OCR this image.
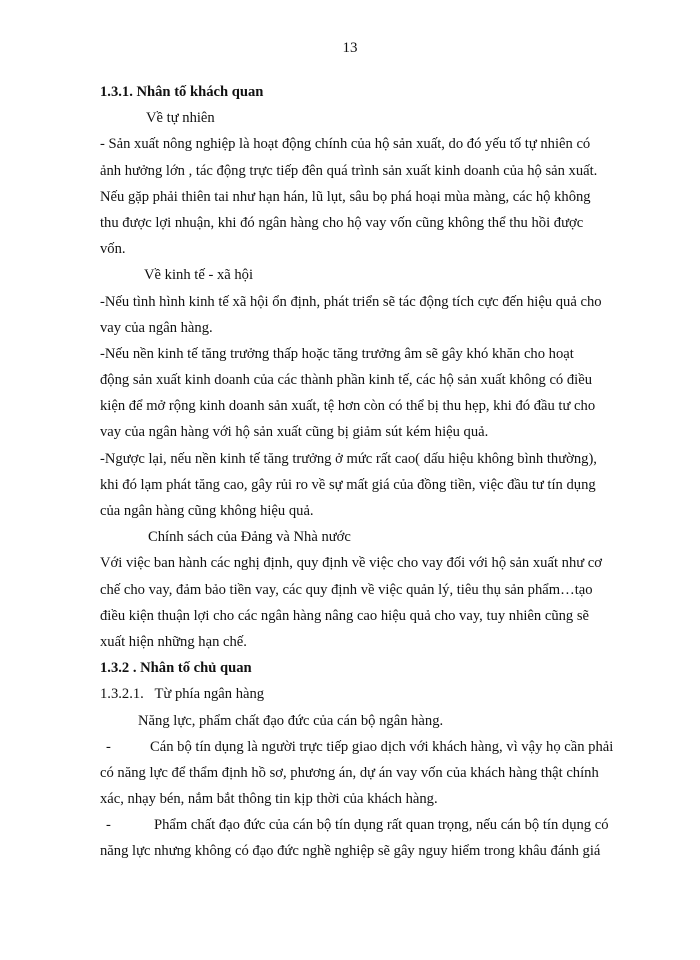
13
1.3.1. Nhân tố khách quan
Về tự nhiên
- Sản xuất nông nghiệp là hoạt động chính của hộ sản xuất, do đó yếu tố tự nhiên có
ảnh hưởng lớn , tác động trực tiếp đên quá trình sản xuất kinh doanh của hộ sản xuất.
Nếu gặp phải thiên tai như hạn hán, lũ lụt, sâu bọ phá hoại mùa màng, các hộ không
thu được lợi nhuận, khi đó ngân hàng cho hộ vay vốn cũng không thể thu hồi được
vốn.
Về kinh tế - xã hội
-Nếu tình hình kinh tế xã hội ổn định, phát triển sẽ tác động tích cực đến hiệu quả cho
vay của ngân hàng.
-Nếu nền kinh tế tăng trưởng thấp hoặc tăng trưởng âm sẽ gây khó khăn cho hoạt
động sản xuất kinh doanh của các thành phần kinh tế, các hộ sản xuất không có điều
kiện để mở rộng kinh doanh sản xuất, tệ hơn còn có thể bị thu hẹp, khi đó đầu tư cho
vay của ngân hàng với hộ sản xuất cũng bị giảm sút kém hiệu quả.
-Ngược lại, nếu nền kinh tế tăng trưởng ở mức rất cao( dấu hiệu không bình thường),
khi đó lạm phát tăng cao, gây rủi ro về sự mất giá của đồng tiền, việc đầu tư tín dụng
của ngân hàng cũng không hiệu quả.
Chính sách của Đảng và Nhà nước
Với việc ban hành các nghị định, quy định về việc cho vay đối với hộ sản xuất như cơ
chế cho vay, đảm bảo tiền vay, các quy định về việc quản lý, tiêu thụ sản phẩm…tạo
điều kiện thuận lợi cho các ngân hàng nâng cao hiệu quả cho vay, tuy nhiên cũng sẽ
xuất hiện những hạn chế.
1.3.2 . Nhân tố chủ quan
1.3.2.1. Từ phía ngân hàng
Năng lực, phẩm chất đạo đức của cán bộ ngân hàng.
-	Cán bộ tín dụng là người trực tiếp giao dịch với khách hàng, vì vậy họ cần phải
có năng lực để thẩm định hồ sơ, phương án, dự án vay vốn của khách hàng thật chính
xác, nhạy bén, nắm bắt thông tin kịp thời của khách hàng.
-	Phẩm chất đạo đức của cán bộ tín dụng rất quan trọng, nếu cán bộ tín dụng có
năng lực nhưng không có đạo đức nghề nghiệp sẽ gây nguy hiểm trong khâu đánh giá
